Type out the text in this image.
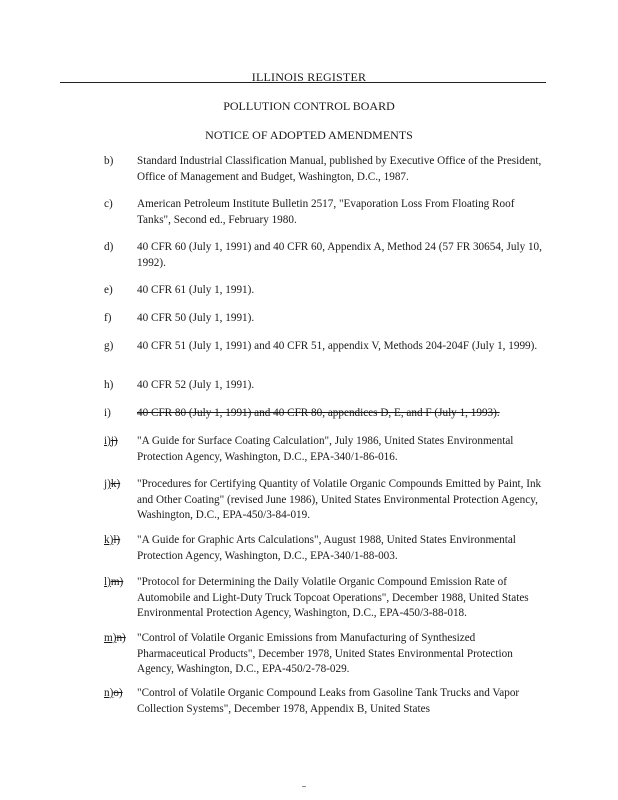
ILLINOIS REGISTER
POLLUTION CONTROL BOARD
NOTICE OF ADOPTED AMENDMENTS
b)	Standard Industrial Classification Manual, published by Executive Office of the President, Office of Management and Budget, Washington, D.C., 1987.
c)	American Petroleum Institute Bulletin 2517, "Evaporation Loss From Floating Roof Tanks", Second ed., February 1980.
d)	40 CFR 60 (July 1, 1991) and 40 CFR 60, Appendix A, Method 24 (57 FR 30654, July 10, 1992).
e)	40 CFR 61 (July 1, 1991).
f)	40 CFR 50 (July 1, 1991).
g)	40 CFR 51 (July 1, 1991) and 40 CFR 51, appendix V, Methods 204-204F (July 1, 1999).
h)	40 CFR 52 (July 1, 1991).
i)	40 CFR 80 (July 1, 1991) and 40 CFR 80, appendices D, E, and F (July 1, 1993).
i)j)	"A Guide for Surface Coating Calculation", July 1986, United States Environmental Protection Agency, Washington, D.C., EPA-340/1-86-016.
j)k)	"Procedures for Certifying Quantity of Volatile Organic Compounds Emitted by Paint, Ink and Other Coating" (revised June 1986), United States Environmental Protection Agency, Washington, D.C., EPA-450/3-84-019.
k)l)	"A Guide for Graphic Arts Calculations", August 1988, United States Environmental Protection Agency, Washington, D.C., EPA-340/1-88-003.
l)m)	"Protocol for Determining the Daily Volatile Organic Compound Emission Rate of Automobile and Light-Duty Truck Topcoat Operations", December 1988, United States Environmental Protection Agency, Washington, D.C., EPA-450/3-88-018.
m)n)	"Control of Volatile Organic Emissions from Manufacturing of Synthesized Pharmaceutical Products", December 1978, United States Environmental Protection Agency, Washington, D.C., EPA-450/2-78-029.
n)o)	"Control of Volatile Organic Compound Leaks from Gasoline Tank Trucks and Vapor Collection Systems", December 1978, Appendix B, United States
